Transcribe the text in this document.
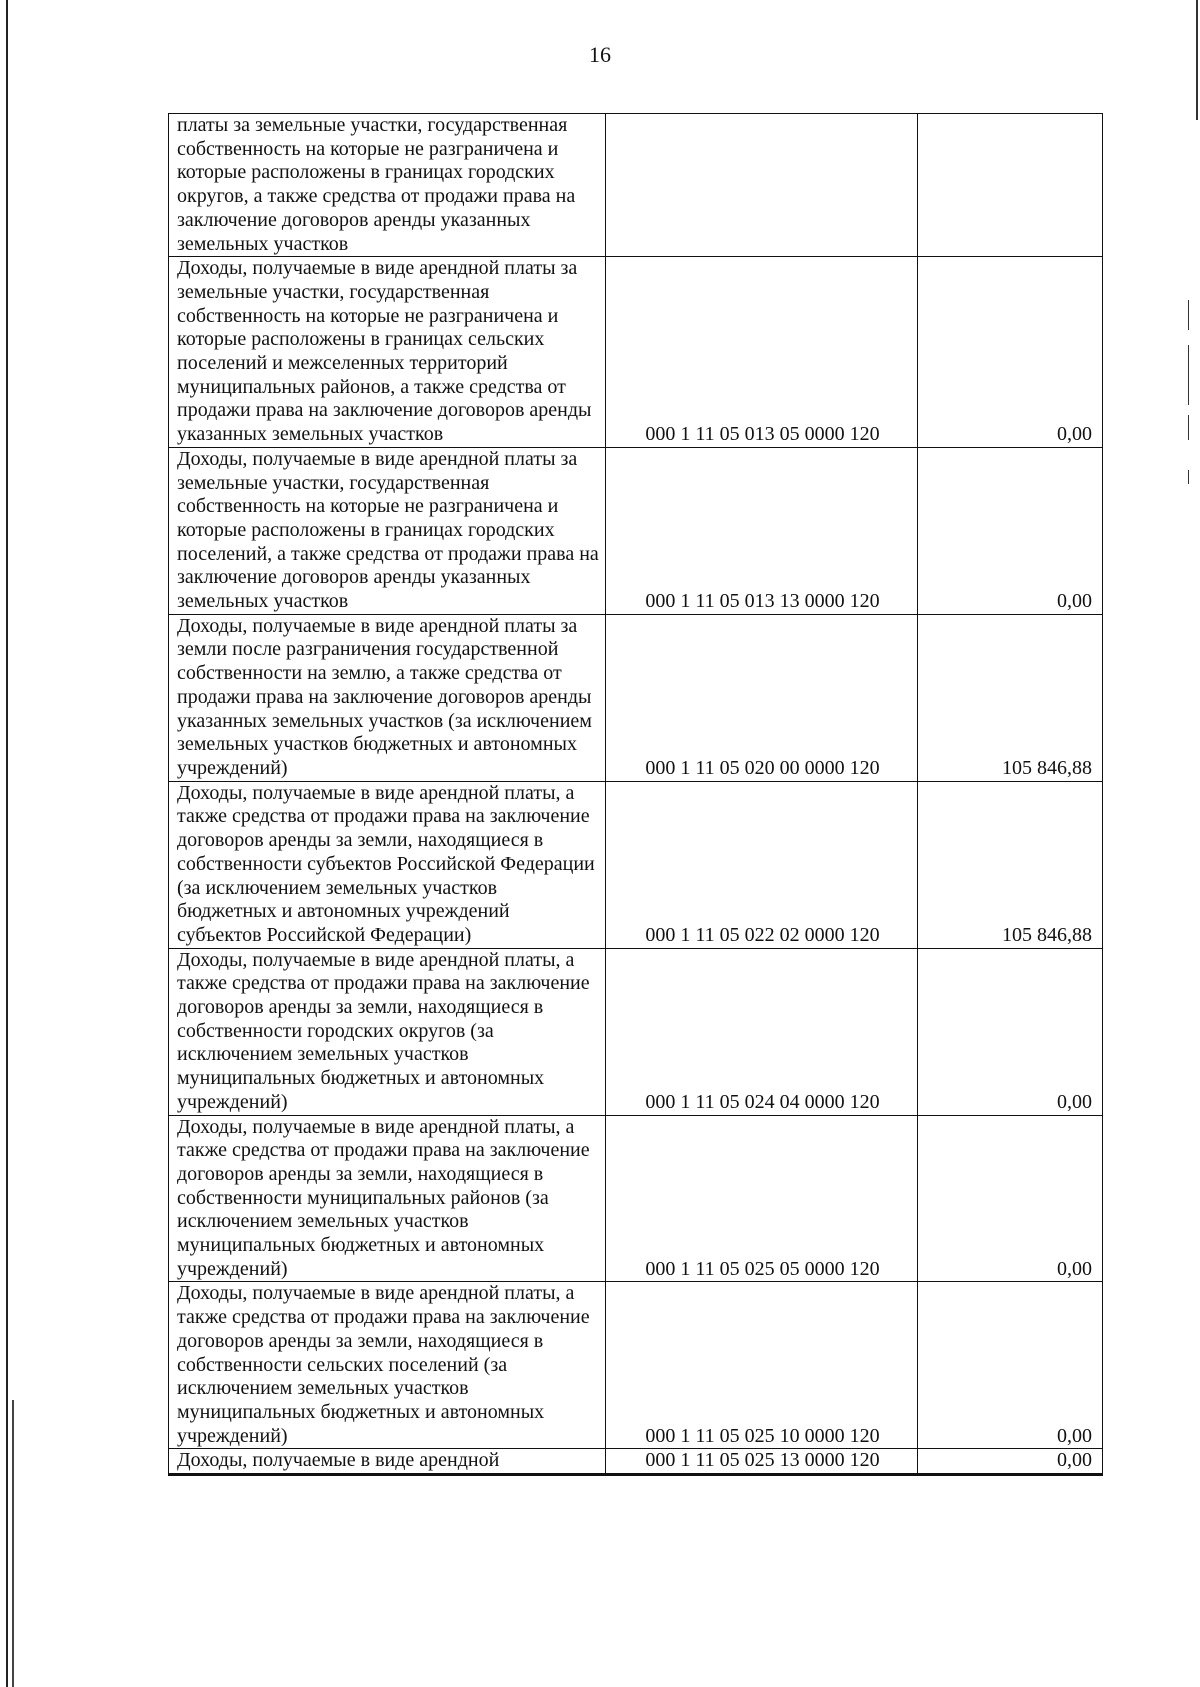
16
платы за земельные участки, государственная собственность на которые не разграничена и которые расположены в границах городских округов, а также средства от продажи права на заключение договоров аренды указанных земельных участков		
Доходы, получаемые в виде арендной платы за земельные участки, государственная собственность на которые не разграничена и которые расположены в границах сельских поселений и межселенных территорий муниципальных районов, а также средства от продажи права на заключение договоров аренды указанных земельных участков	000 1 11 05 013 05 0000 120	0,00
Доходы, получаемые в виде арендной платы за земельные участки, государственная собственность на которые не разграничена и которые расположены в границах городских поселений, а также средства от продажи права на заключение договоров аренды указанных земельных участков	000 1 11 05 013 13 0000 120	0,00
Доходы, получаемые в виде арендной платы за земли после разграничения государственной собственности на землю, а также средства от продажи права на заключение договоров аренды указанных земельных участков (за исключением земельных участков бюджетных и автономных учреждений)	000 1 11 05 020 00 0000 120	105 846,88
Доходы, получаемые в виде арендной платы, а также средства от продажи права на заключение договоров аренды за земли, находящиеся в собственности субъектов Российской Федерации (за исключением земельных участков бюджетных и автономных учреждений субъектов Российской Федерации)	000 1 11 05 022 02 0000 120	105 846,88
Доходы, получаемые в виде арендной платы, а также средства от продажи права на заключение договоров аренды за земли, находящиеся в собственности городских округов (за исключением земельных участков муниципальных бюджетных и автономных учреждений)	000 1 11 05 024 04 0000 120	0,00
Доходы, получаемые в виде арендной платы, а также средства от продажи права на заключение договоров аренды за земли, находящиеся в собственности муниципальных районов (за исключением земельных участков муниципальных бюджетных и автономных учреждений)	000 1 11 05 025 05 0000 120	0,00
Доходы, получаемые в виде арендной платы, а также средства от продажи права на заключение договоров аренды за земли, находящиеся в собственности сельских поселений (за исключением земельных участков муниципальных бюджетных и автономных учреждений)	000 1 11 05 025 10 0000 120	0,00
Доходы, получаемые в виде арендной	000 1 11 05 025 13 0000 120	0,00
